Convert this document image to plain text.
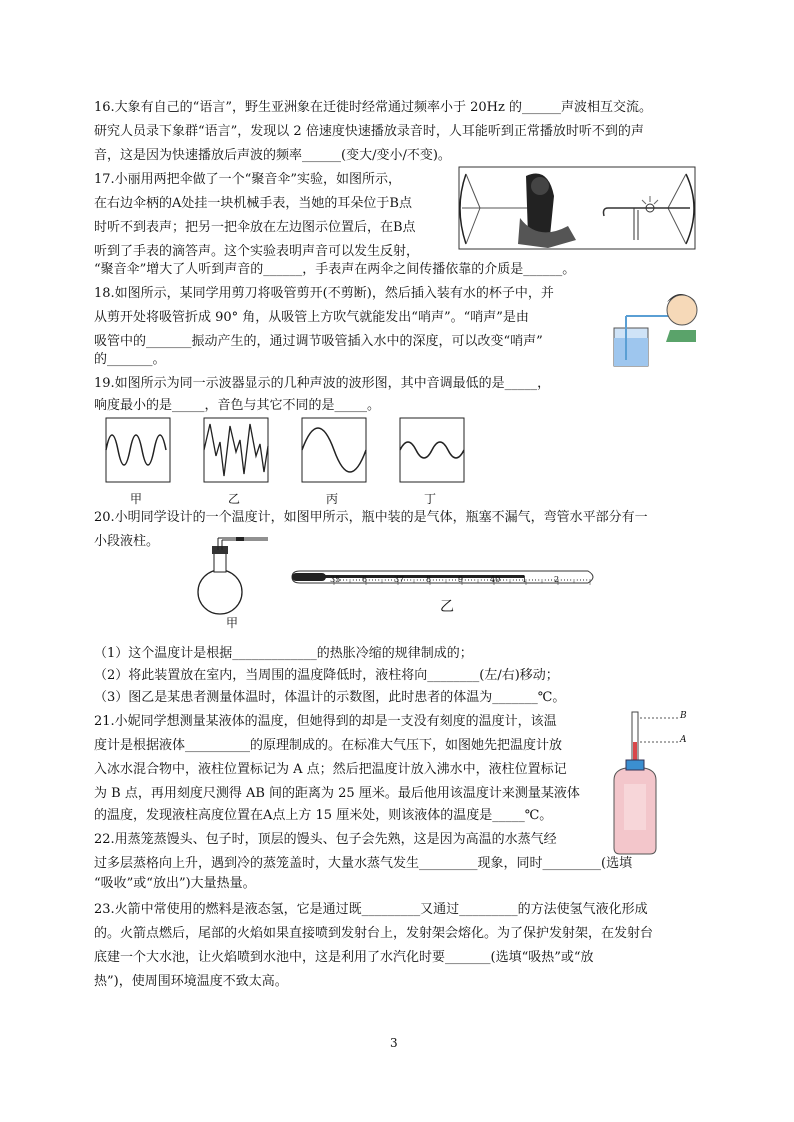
16.大象有自己的“语言”，野生亚洲象在迁徙时经常通过频率小于 20Hz 的______声波相互交流。
研究人员录下象群“语言”，发现以 2 倍速度快速播放录音时，人耳能听到正常播放时听不到的声
音，这是因为快速播放后声波的频率______(变大/变小/不变)。
17.小丽用两把伞做了一个“聚音伞”实验，如图所示，
在右边伞柄的A处挂一块机械手表，当她的耳朵位于B点
时听不到表声；把另一把伞放在左边图示位置后，在B点
听到了手表的滴答声。这个实验表明声音可以发生反射，
“聚音伞”增大了人听到声音的______，手表声在两伞之间传播依靠的介质是______。
18.如图所示，某同学用剪刀将吸管剪开(不剪断)，然后插入装有水的杯子中，并
从剪开处将吸管折成 90° 角，从吸管上方吹气就能发出“哨声”。“哨声”是由
吸管中的_______振动产生的，通过调节吸管插入水中的深度，可以改变“哨声”
的_______。
19.如图所示为同一示波器显示的几种声波的波形图，其中音调最低的是_____，
响度最小的是_____，音色与其它不同的是_____。
甲	乙	丙	丁
20.小明同学设计的一个温度计，如图甲所示，瓶中装的是气体，瓶塞不漏气，弯管水平部分有一
小段液柱。
甲
35	6	37	8	9	40	1	2
乙
（1）这个温度计是根据_____________的热胀冷缩的规律制成的；
（2）将此装置放在室内，当周围的温度降低时，液柱将向________(左/右)移动；
（3）图乙是某患者测量体温时，体温计的示数图，此时患者的体温为_______℃。
21.小妮同学想测量某液体的温度，但她得到的却是一支没有刻度的温度计，该温
度计是根据液体__________的原理制成的。在标准大气压下，如图她先把温度计放
入冰水混合物中，液柱位置标记为 A 点；然后把温度计放入沸水中，液柱位置标记
为 B 点，再用刻度尺测得 AB 间的距离为 25 厘米。最后他用该温度计来测量某液体
的温度，发现液柱高度位置在A点上方 15 厘米处，则该液体的温度是_____℃。
B
A
22.用蒸笼蒸馒头、包子时，顶层的馒头、包子会先熟，这是因为高温的水蒸气经
过多层蒸格向上升，遇到冷的蒸笼盖时，大量水蒸气发生_________现象，同时_________(选填
“吸收”或“放出”)大量热量。
23.火箭中常使用的燃料是液态氢，它是通过既_________又通过_________的方法使氢气液化形成
的。火箭点燃后，尾部的火焰如果直接喷到发射台上，发射架会熔化。为了保护发射架，在发射台
底建一个大水池，让火焰喷到水池中，这是利用了水汽化时要_______(选填“吸热”或“放
热”)，使周围环境温度不致太高。
3
